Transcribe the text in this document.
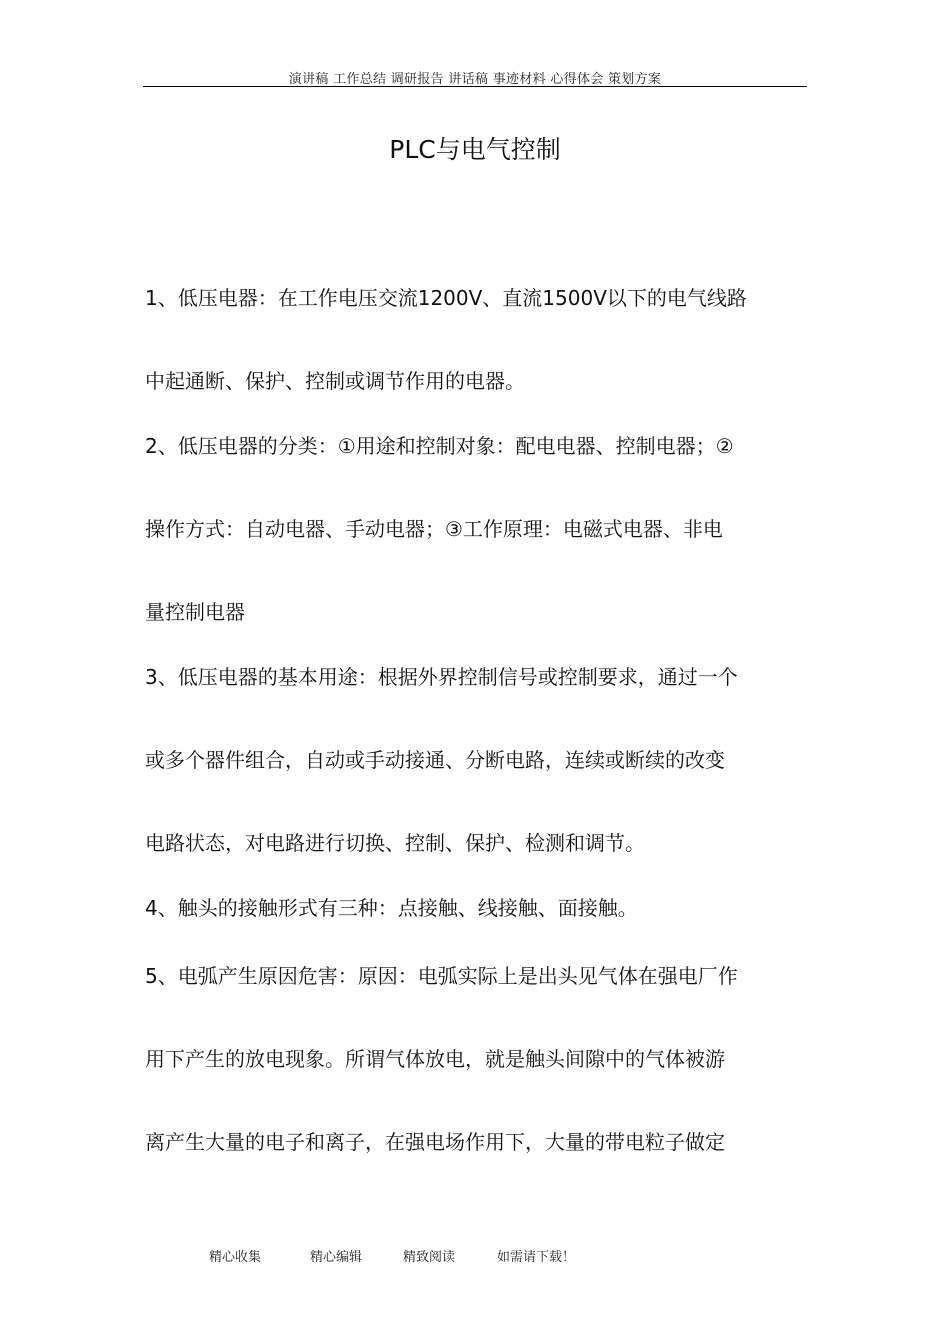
演讲稿 工作总结 调研报告 讲话稿 事迹材料 心得体会 策划方案
PLC与电气控制
1、低压电器：在工作电压交流1200V、直流1500V以下的电气线路
中起通断、保护、控制或调节作用的电器。
2、低压电器的分类：①用途和控制对象：配电电器、控制电器；②
操作方式：自动电器、手动电器；③工作原理：电磁式电器、非电
量控制电器
3、低压电器的基本用途：根据外界控制信号或控制要求，通过一个
或多个器件组合，自动或手动接通、分断电路，连续或断续的改变
电路状态，对电路进行切换、控制、保护、检测和调节。
4、触头的接触形式有三种：点接触、线接触、面接触。
5、电弧产生原因危害：原因：电弧实际上是出头见气体在强电厂作
用下产生的放电现象。所谓气体放电，就是触头间隙中的气体被游
离产生大量的电子和离子，在强电场作用下，大量的带电粒子做定
精心收集	精心编辑	精致阅读	如需请下载！
